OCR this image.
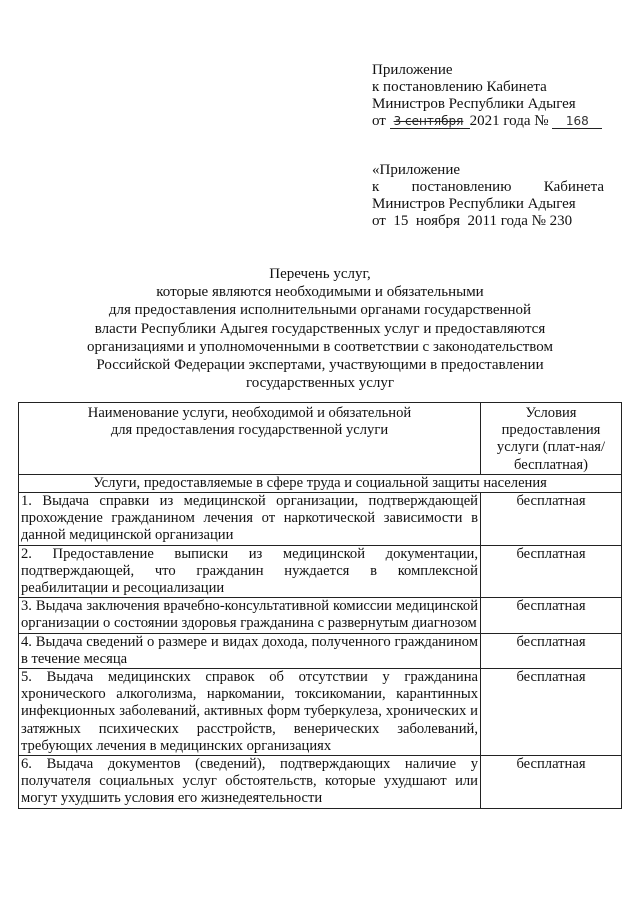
Приложение
к постановлению Кабинета
Министров Республики Адыгея
от 3 сентября 2021 года № 168
«Приложение
к постановлению Кабинета
Министров Республики Адыгея
от  15  ноября  2011 года № 230
Перечень услуг,
которые являются необходимыми и обязательными
для предоставления исполнительными органами государственной
власти Республики Адыгея государственных услуг и предоставляются
организациями и уполномоченными в соответствии с законодательством
Российской Федерации экспертами, участвующими в предоставлении
государственных услуг
Наименование услуги, необходимой и обязательной для предоставления государственной услуги	Условия предоставления услуги (плат-ная/бесплатная)

Услуги, предоставляемые в сфере труда и социальной защиты населения	
1. Выдача справки из медицинской организации, подтверждающей прохождение гражданином лечения от наркотической зависимости в данной медицинской организации	бесплатная
2. Предоставление выписки из медицинской документации, подтверждающей, что гражданин нуждается в комплексной реабилитации и ресоциализации	бесплатная
3. Выдача заключения врачебно-консультативной комиссии медицинской организации о состоянии здоровья гражданина с развернутым диагнозом	бесплатная
4. Выдача сведений о размере и видах дохода, полученного гражданином в течение месяца	бесплатная
5. Выдача медицинских справок об отсутствии у гражданина хронического алкоголизма, наркомании, токсикомании, карантинных инфекционных заболеваний, активных форм туберкулеза, хронических и затяжных психических расстройств, венерических заболеваний, требующих лечения в медицинских организациях	бесплатная
6. Выдача документов (сведений), подтверждающих наличие у получателя социальных услуг обстоятельств, которые ухудшают или могут ухудшить условия его жизнедеятельности	бесплатная
